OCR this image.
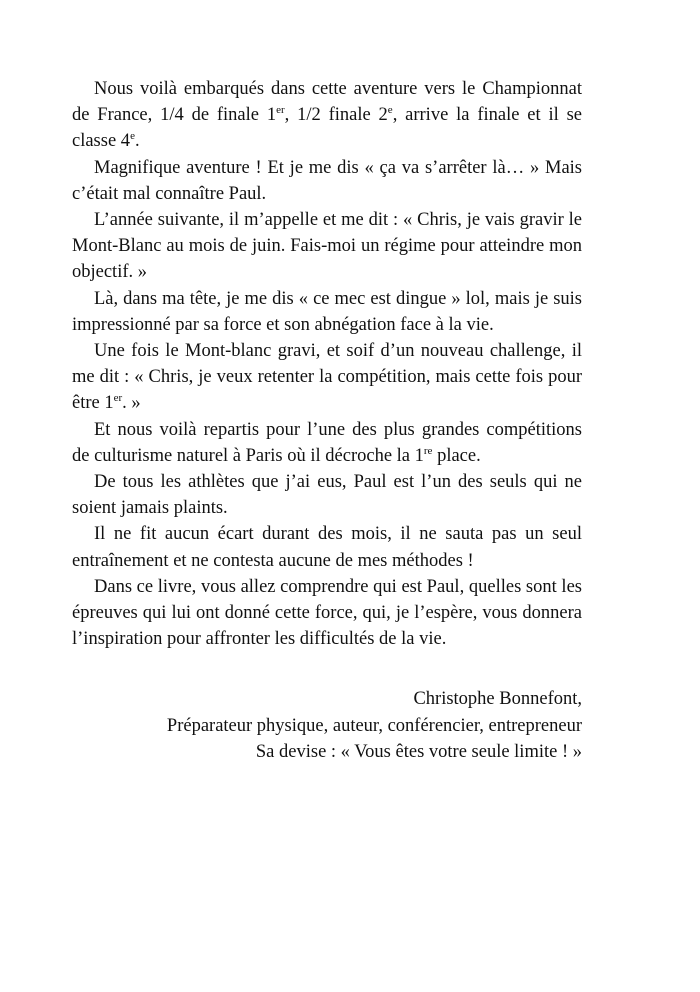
Nous voilà embarqués dans cette aventure vers le Championnat de France, 1/4 de finale 1er, 1/2 finale 2e, arrive la finale et il se classe 4e.

Magnifique aventure ! Et je me dis « ça va s’arrêter là… » Mais c’était mal connaître Paul.

L’année suivante, il m’appelle et me dit : « Chris, je vais gravir le Mont-Blanc au mois de juin. Fais-moi un régime pour atteindre mon objectif. »

Là, dans ma tête, je me dis « ce mec est dingue » lol, mais je suis impressionné par sa force et son abnégation face à la vie.

Une fois le Mont-blanc gravi, et soif d’un nouveau challenge, il me dit : « Chris, je veux retenter la compétition, mais cette fois pour être 1er. »

Et nous voilà repartis pour l’une des plus grandes compétitions de culturisme naturel à Paris où il décroche la 1re place.

De tous les athlètes que j’ai eus, Paul est l’un des seuls qui ne soient jamais plaints.

Il ne fit aucun écart durant des mois, il ne sauta pas un seul entraînement et ne contesta aucune de mes méthodes !

Dans ce livre, vous allez comprendre qui est Paul, quelles sont les épreuves qui lui ont donné cette force, qui, je l’espère, vous donnera l’inspiration pour affronter les difficultés de la vie.

Christophe Bonnefont,
Préparateur physique, auteur, conférencier, entrepreneur
Sa devise : « Vous êtes votre seule limite ! »
